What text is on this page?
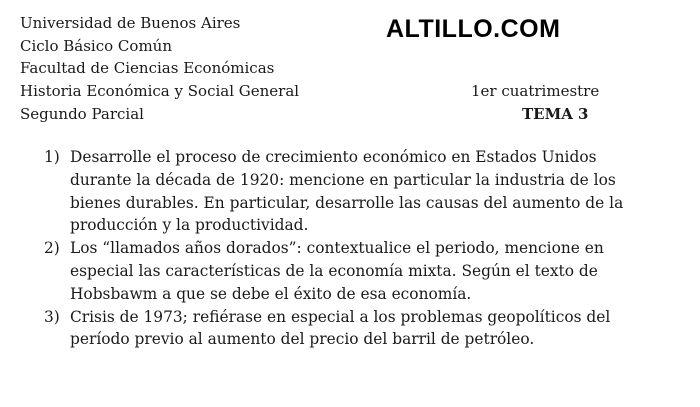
Universidad de Buenos Aires
Ciclo Básico Común
Facultad de Ciencias Económicas
Historia Económica y Social General
Segundo Parcial
ALTILLO.COM
1er cuatrimestre
TEMA 3
1) Desarrolle el proceso de crecimiento económico en Estados Unidos durante la década de 1920: mencione en particular la industria de los bienes durables. En particular, desarrolle las causas del aumento de la producción y la productividad.
2) Los “llamados años dorados”: contextualice el periodo, mencione en especial las características de la economía mixta. Según el texto de Hobsbawm a que se debe el éxito de esa economía.
3) Crisis de 1973; refiérase en especial a los problemas geopolíticos del período previo al aumento del precio del barril de petróleo.
